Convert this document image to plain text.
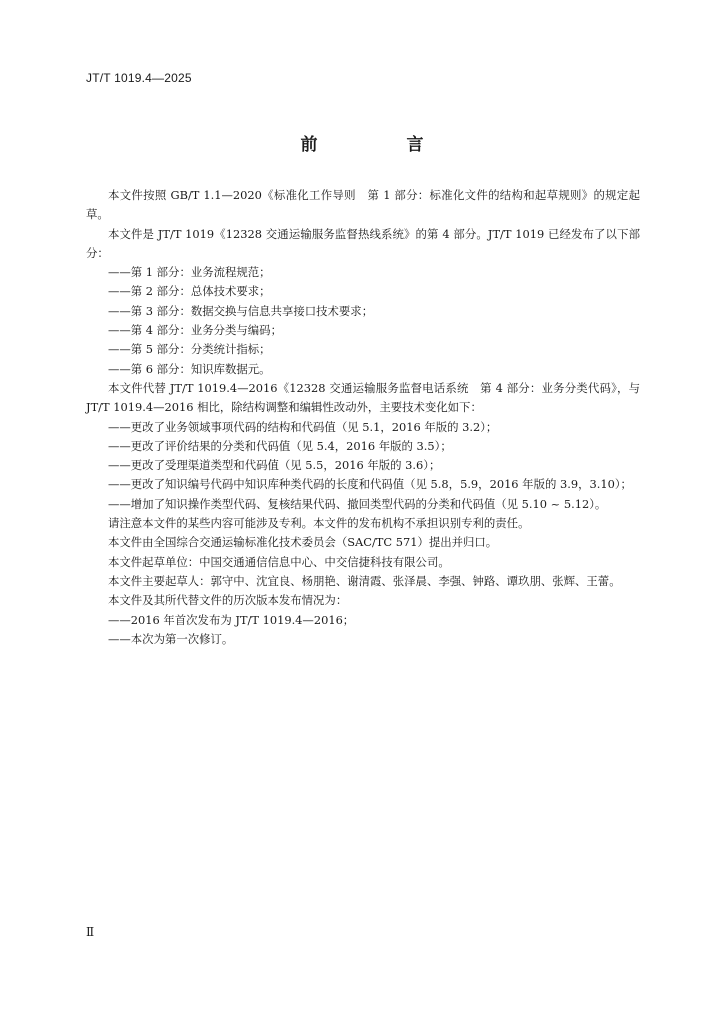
JT/T 1019.4—2025
前　言

本文件按照 GB/T 1.1—2020《标准化工作导则　第 1 部分：标准化文件的结构和起草规则》的规定起草。

本文件是 JT/T 1019《12328 交通运输服务监督热线系统》的第 4 部分。JT/T 1019 已经发布了以下部分：

——第 1 部分：业务流程规范；

——第 2 部分：总体技术要求；

——第 3 部分：数据交换与信息共享接口技术要求；

——第 4 部分：业务分类与编码；

——第 5 部分：分类统计指标；

——第 6 部分：知识库数据元。

本文件代替 JT/T 1019.4—2016《12328 交通运输服务监督电话系统　第 4 部分：业务分类代码》，与 JT/T 1019.4—2016 相比，除结构调整和编辑性改动外，主要技术变化如下：

——更改了业务领域事项代码的结构和代码值（见 5.1，2016 年版的 3.2）；

——更改了评价结果的分类和代码值（见 5.4，2016 年版的 3.5）；

——更改了受理渠道类型和代码值（见 5.5，2016 年版的 3.6）；

——更改了知识编号代码中知识库种类代码的长度和代码值（见 5.8，5.9，2016 年版的 3.9，3.10）；

——增加了知识操作类型代码、复核结果代码、撤回类型代码的分类和代码值（见 5.10 ~ 5.12）。

请注意本文件的某些内容可能涉及专利。本文件的发布机构不承担识别专利的责任。

本文件由全国综合交通运输标准化技术委员会（SAC/TC 571）提出并归口。

本文件起草单位：中国交通通信信息中心、中交信捷科技有限公司。

本文件主要起草人：郭守中、沈宜良、杨朋艳、谢清霞、张泽晨、李强、钟路、谭玖朋、张辉、王蕾。

本文件及其所代替文件的历次版本发布情况为：

——2016 年首次发布为 JT/T 1019.4—2016；

——本次为第一次修订。

Ⅱ
